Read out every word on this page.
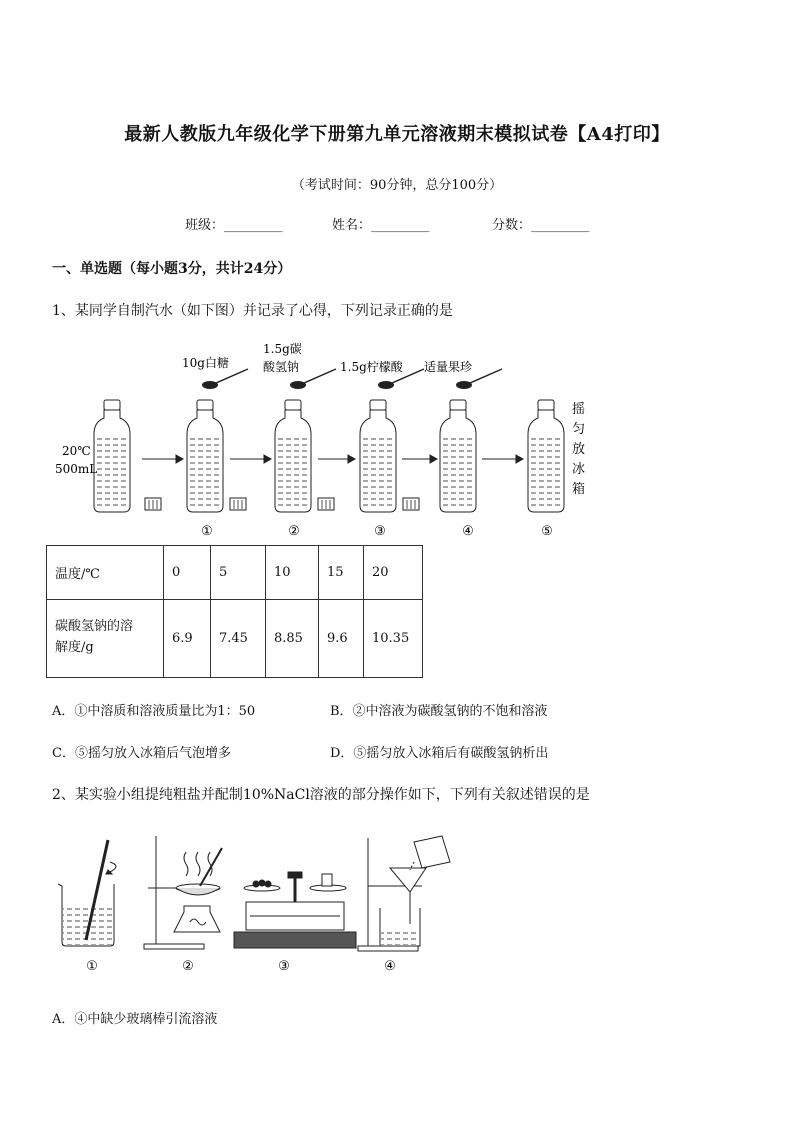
最新人教版九年级化学下册第九单元溶液期末模拟试卷【A4打印】
（考试时间：90分钟，总分100分）
班级：_________	姓名：_________	分数：_________
一、单选题（每小题3分，共计24分）
1、某同学自制汽水（如下图）并记录了心得，下列记录正确的是
20℃
500mL
10g白糖
1.5g碳
酸氢钠	1.5g柠檬酸 适量果珍
摇
匀
放
冰
箱
①	②	③	④	⑤
温度/℃	0	5	10	15	20
碳酸氢钠的溶
解度/g	6.9	7.45	8.85	9.6	10.35
A．①中溶质和溶液质量比为1：50	B．②中溶液为碳酸氢钠的不饱和溶液
C．⑤摇匀放入冰箱后气泡增多	D．⑤摇匀放入冰箱后有碳酸氢钠析出
2、某实验小组提纯粗盐并配制10%NaCl溶液的部分操作如下，下列有关叙述错误的是
①	②	③	④
A．④中缺少玻璃棒引流溶液
